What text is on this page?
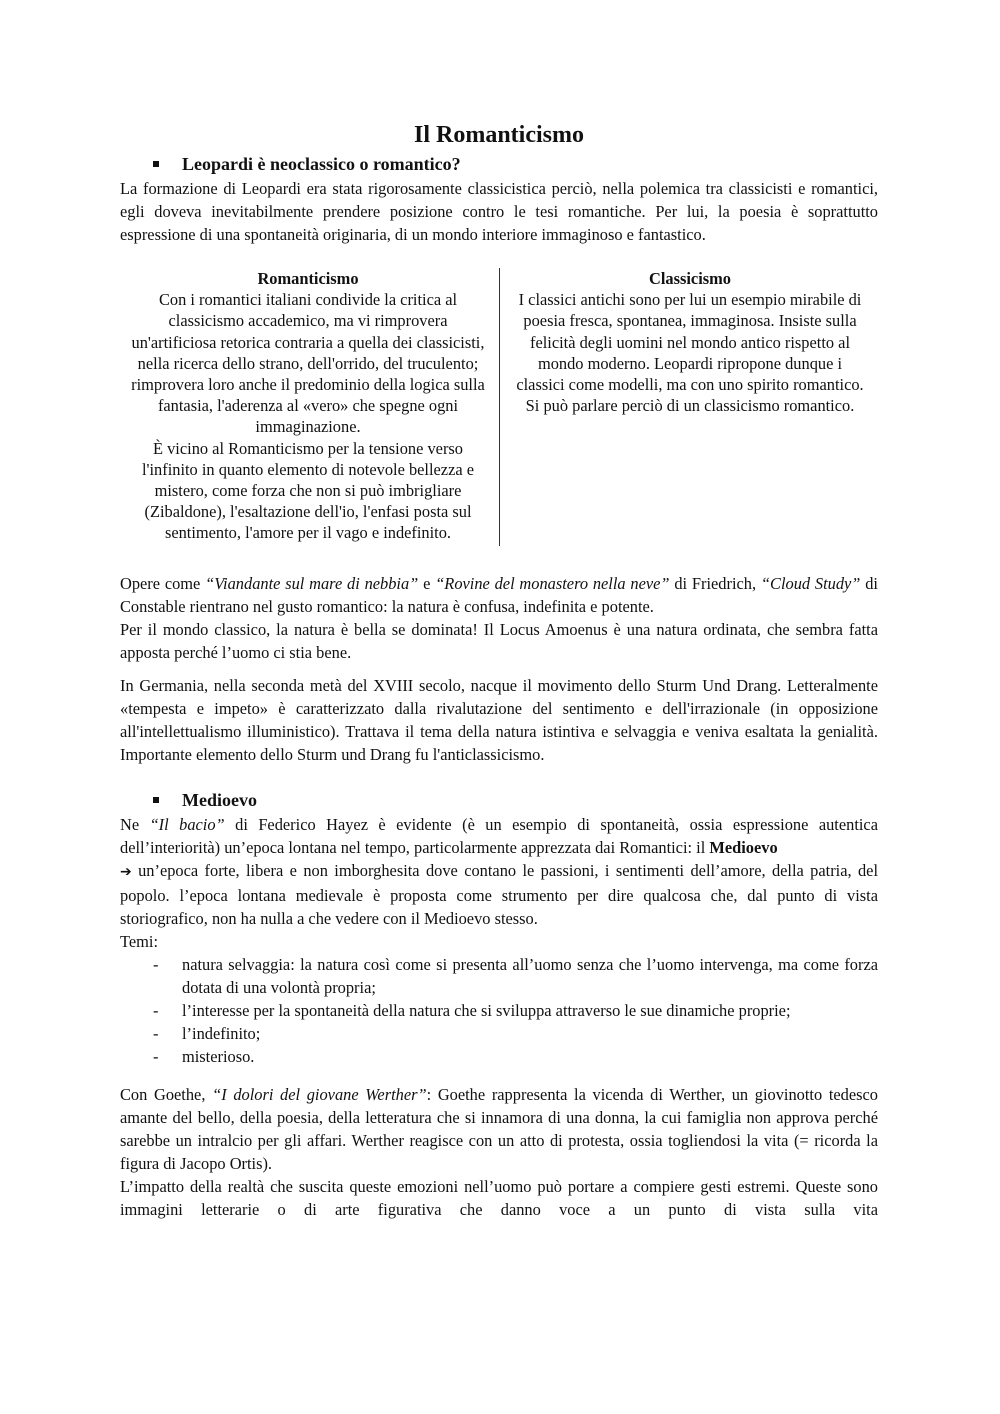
Il Romanticismo
Leopardi è neoclassico o romantico?

La formazione di Leopardi era stata rigorosamente classicistica perciò, nella polemica tra classicisti e romantici, egli doveva inevitabilmente prendere posizione contro le tesi romantiche. Per lui, la poesia è soprattutto espressione di una spontaneità originaria, di un mondo interiore immaginoso e fantastico.

Romanticismo
Con i romantici italiani condivide la critica al classicismo accademico, ma vi rimprovera un'artificiosa retorica contraria a quella dei classicisti, nella ricerca dello strano, dell'orrido, del truculento; rimprovera loro anche il predominio della logica sulla fantasia, l'aderenza al «vero» che spegne ogni immaginazione.
È vicino al Romanticismo per la tensione verso l'infinito in quanto elemento di notevole bellezza e mistero, come forza che non si può imbrigliare (Zibaldone), l'esaltazione dell'io, l'enfasi posta sul sentimento, l'amore per il vago e indefinito.
Classicismo
I classici antichi sono per lui un esempio mirabile di poesia fresca, spontanea, immaginosa. Insiste sulla felicità degli uomini nel mondo antico rispetto al mondo moderno. Leopardi ripropone dunque i classici come modelli, ma con uno spirito romantico. Si può parlare perciò di un classicismo romantico.

Opere come “Viandante sul mare di nebbia” e “Rovine del monastero nella neve” di Friedrich, “Cloud Study” di Constable rientrano nel gusto romantico: la natura è confusa, indefinita e potente.

Per il mondo classico, la natura è bella se dominata! Il Locus Amoenus è una natura ordinata, che sembra fatta apposta perché l’uomo ci stia bene.

In Germania, nella seconda metà del XVIII secolo, nacque il movimento dello Sturm Und Drang. Letteralmente «tempesta e impeto» è caratterizzato dalla rivalutazione del sentimento e dell'irrazionale (in opposizione all'intellettualismo illuministico). Trattava il tema della natura istintiva e selvaggia e veniva esaltata la genialità. Importante elemento dello Sturm und Drang fu l'anticlassicismo.

Medioevo

Ne “Il bacio” di Federico Hayez è evidente (è un esempio di spontaneità, ossia espressione autentica dell’interiorità) un’epoca lontana nel tempo, particolarmente apprezzata dai Romantici: il Medioevo
➔ un’epoca forte, libera e non imborghesita dove contano le passioni, i sentimenti dell’amore, della patria, del popolo. l’epoca lontana medievale è proposta come strumento per dire qualcosa che, dal punto di vista storiografico, non ha nulla a che vedere con il Medioevo stesso.

Temi:

- natura selvaggia: la natura così come si presenta all’uomo senza che l’uomo intervenga, ma come forza dotata di una volontà propria;
- l’interesse per la spontaneità della natura che si sviluppa attraverso le sue dinamiche proprie;
- l’indefinito;
- misterioso.

Con Goethe, “I dolori del giovane Werther”: Goethe rappresenta la vicenda di Werther, un giovinotto tedesco amante del bello, della poesia, della letteratura che si innamora di una donna, la cui famiglia non approva perché sarebbe un intralcio per gli affari. Werther reagisce con un atto di protesta, ossia togliendosi la vita (= ricorda la figura di Jacopo Ortis).

L’impatto della realtà che suscita queste emozioni nell’uomo può portare a compiere gesti estremi. Queste sono immagini letterarie o di arte figurativa che danno voce a un punto di vista sulla vita
